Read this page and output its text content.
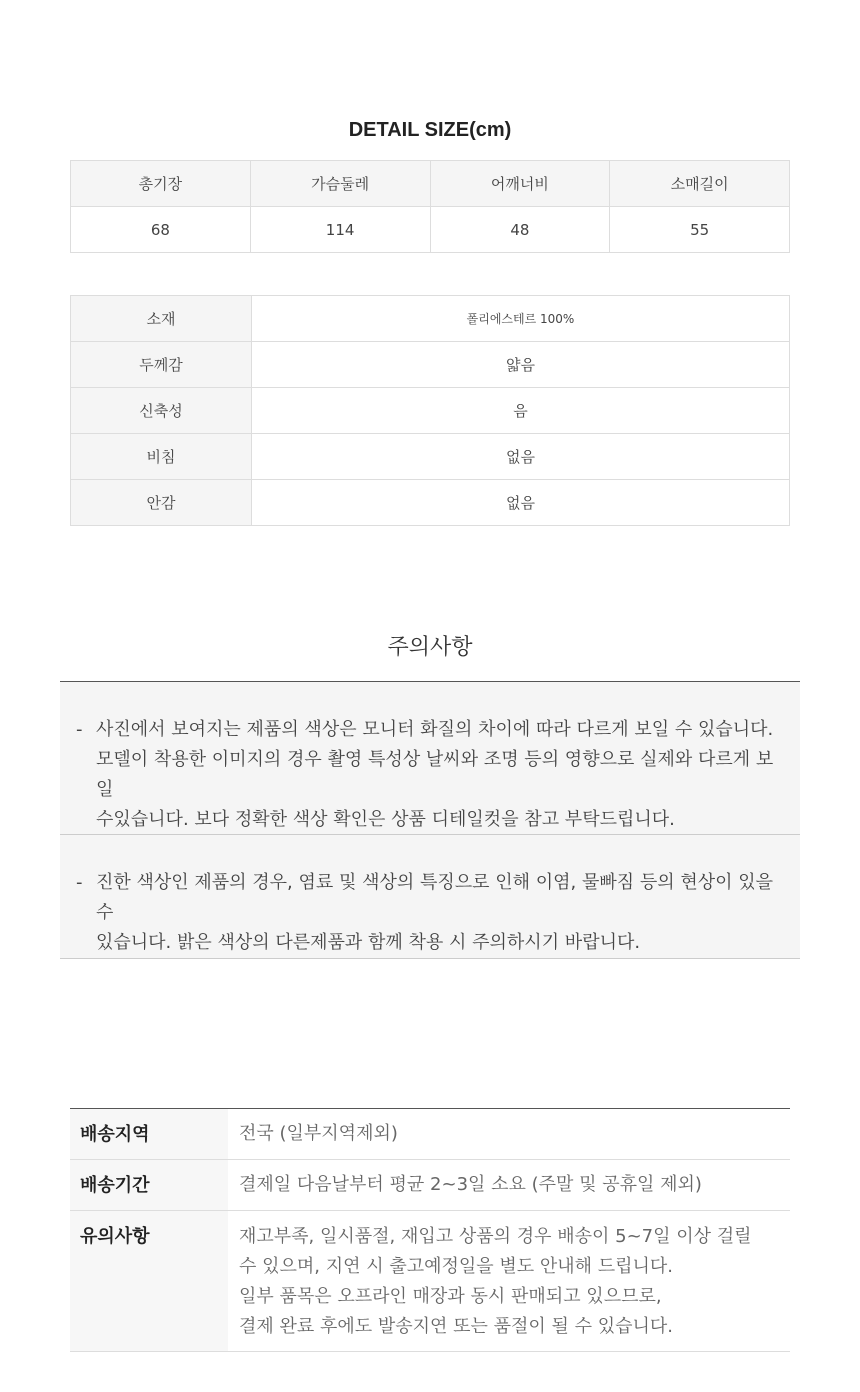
DETAIL SIZE(cm)
총기장	가슴둘레	어깨너비	소매길이
68	114	48	55
소재	폴리에스테르 100%
두께감	얇음
신축성	음
비침	없음
안감	없음
주의사항
- 사진에서 보여지는 제품의 색상은 모니터 화질의 차이에 따라 다르게 보일 수 있습니다.
모델이 착용한 이미지의 경우 촬영 특성상 날씨와 조명 등의 영향으로 실제와 다르게 보일
수있습니다. 보다 정확한 색상 확인은 상품 디테일컷을 참고 부탁드립니다.
- 진한 색상인 제품의 경우, 염료 및 색상의 특징으로 인해 이염, 물빠짐 등의 현상이 있을 수
있습니다. 밝은 색상의 다른제품과 함께 착용 시 주의하시기 바랍니다.
배송지역	전국 (일부지역제외)

배송기간	결제일 다음날부터 평균 2~3일 소요 (주말 및 공휴일 제외)

유의사항	재고부족, 일시품절, 재입고 상품의 경우 배송이 5~7일 이상 걸릴
수 있으며, 지연 시 출고예정일을 별도 안내해 드립니다.
일부 품목은 오프라인 매장과 동시 판매되고 있으므로,
결제 완료 후에도 발송지연 또는 품절이 될 수 있습니다.
